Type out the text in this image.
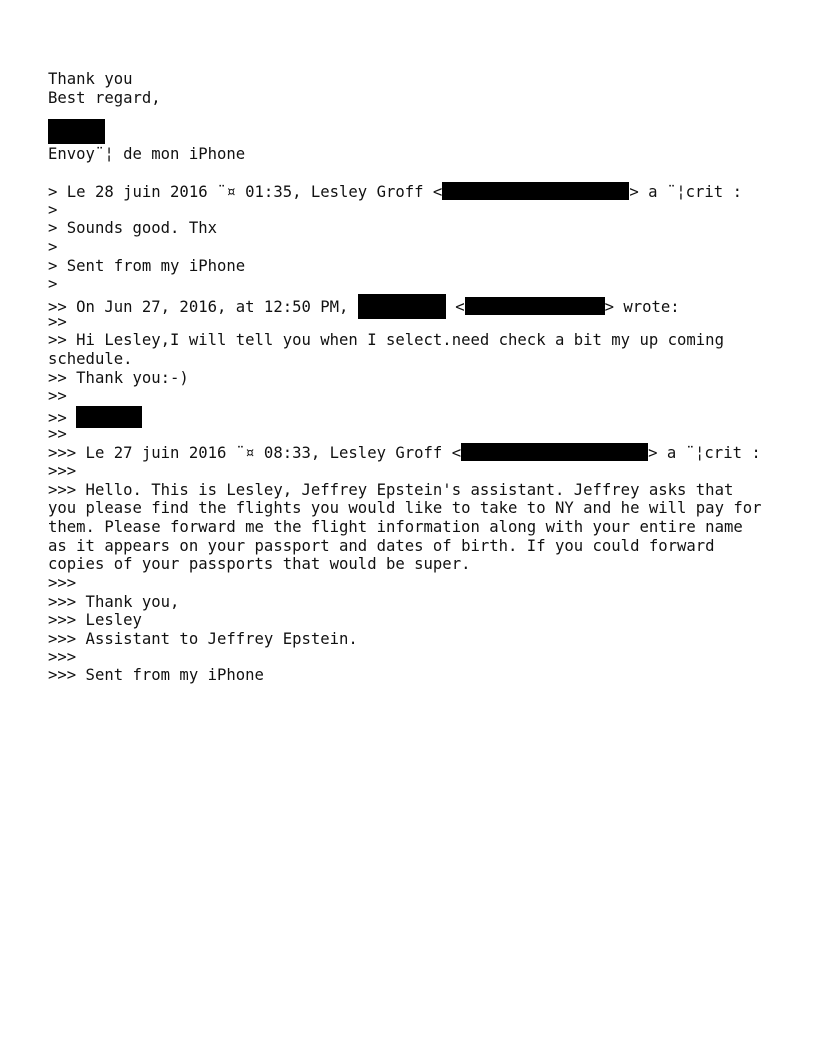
Thank you

Best regard,

Envoy¨¦ de mon iPhone

> Le 28 juin 2016 ¨¤ 01:35, Lesley Groff <	> a ¨¦crit :

>

> Sounds good. Thx

>

> Sent from my iPhone

>

>> On Jun 27, 2016, at 12:50 PM,	<	> wrote:

>>

>> Hi Lesley,I will tell you when I select.need check a bit my up coming

schedule.

>> Thank you:-)

>>

>>

>>

>>> Le 27 juin 2016 ¨¤ 08:33, Lesley Groff <	> a ¨¦crit :

>>>

>>> Hello. This is Lesley, Jeffrey Epstein's assistant. Jeffrey asks that

you please find the flights you would like to take to NY and he will pay for

them. Please forward me the flight information along with your entire name

as it appears on your passport and dates of birth. If you could forward

copies of your passports that would be super.

>>>

>>> Thank you,

>>> Lesley

>>> Assistant to Jeffrey Epstein.

>>>

>>> Sent from my iPhone
